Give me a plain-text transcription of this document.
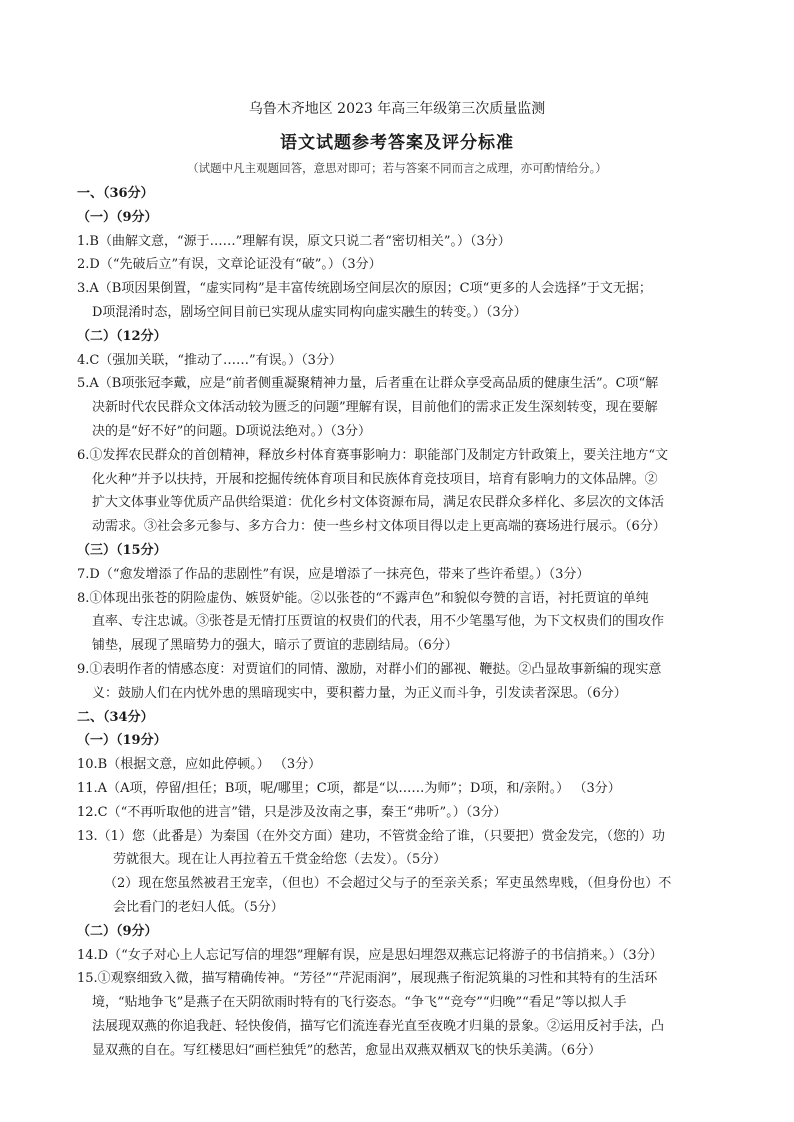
乌鲁木齐地区 2023 年高三年级第三次质量监测
语文试题参考答案及评分标准
（试题中凡主观题回答，意思对即可；若与答案不同而言之成理，亦可酌情给分。）

一、（36分）

（一）（9分）

1.B（曲解文意，“源于……”理解有误，原文只说二者“密切相关”。）（3分）

2.D（“先破后立”有误，文章论证没有“破”。）（3分）

3.A（B项因果倒置，“虚实同构”是丰富传统剧场空间层次的原因；C项“更多的人会选择”于文无据；

D项混淆时态，剧场空间目前已实现从虚实同构向虚实融生的转变。）（3分）

（二）（12分）

4.C（强加关联，“推动了……”有误。）（3分）

5.A（B项张冠李戴，应是“前者侧重凝聚精神力量，后者重在让群众享受高品质的健康生活”。C项“解

决新时代农民群众文体活动较为匮乏的问题”理解有误，目前他们的需求正发生深刻转变，现在要解

决的是“好不好”的问题。D项说法绝对。）（3分）

6.①发挥农民群众的首创精神，释放乡村体育赛事影响力：职能部门及制定方针政策上，要关注地方“文

化火种”并予以扶持，开展和挖掘传统体育项目和民族体育竞技项目，培育有影响力的文体品牌。②

扩大文体事业等优质产品供给渠道：优化乡村文体资源布局，满足农民群众多样化、多层次的文体活

动需求。③社会多元参与、多方合力：使一些乡村文体项目得以走上更高端的赛场进行展示。（6分）

（三）（15分）

7.D（“愈发增添了作品的悲剧性”有误，应是增添了一抹亮色，带来了些许希望。）（3分）

8.①体现出张苍的阴险虚伪、嫉贤妒能。②以张苍的“不露声色”和貌似夸赞的言语，衬托贾谊的单纯

直率、专注忠诚。③张苍是无情打压贾谊的权贵们的代表，用不少笔墨写他，为下文权贵们的围攻作

铺垫，展现了黑暗势力的强大，暗示了贾谊的悲剧结局。（6分）

9.①表明作者的情感态度：对贾谊们的同情、激励，对群小们的鄙视、鞭挞。②凸显故事新编的现实意

义：鼓励人们在内忧外患的黑暗现实中，要积蓄力量，为正义而斗争，引发读者深思。（6分）

二、（34分）

（一）（19分）

10.B（根据文意，应如此停顿。） （3分）

11.A（A项，停留/担任；B项，呢/哪里；C项，都是“以……为师”；D项，和/亲附。） （3分）

12.C（“不再听取他的进言”错，只是涉及汝南之事，秦王“弗听”。）（3分）

13.（1）您（此番是）为秦国（在外交方面）建功，不管赏金给了谁，（只要把）赏金发完，（您的）功

劳就很大。现在让人再拉着五千赏金给您（去发）。（5分）

（2）现在您虽然被君王宠幸，（但也）不会超过父与子的至亲关系；军吏虽然卑贱，（但身份也）不

会比看门的老妇人低。（5分）

（二）（9分）

14.D（“女子对心上人忘记写信的埋怨”理解有误，应是思妇埋怨双燕忘记将游子的书信捎来。）（3分）

15.①观察细致入微，描写精确传神。“芳径”“芹泥雨润”，展现燕子衔泥筑巢的习性和其特有的生活环

境，“贴地争飞”是燕子在天阴欲雨时特有的飞行姿态。“争飞”“竞夸”“归晚”“看足”等以拟人手

法展现双燕的你追我赶、轻快俊俏，描写它们流连春光直至夜晚才归巢的景象。②运用反衬手法，凸

显双燕的自在。写红楼思妇“画栏独凭”的愁苦，愈显出双燕双栖双飞的快乐美满。（6分）
